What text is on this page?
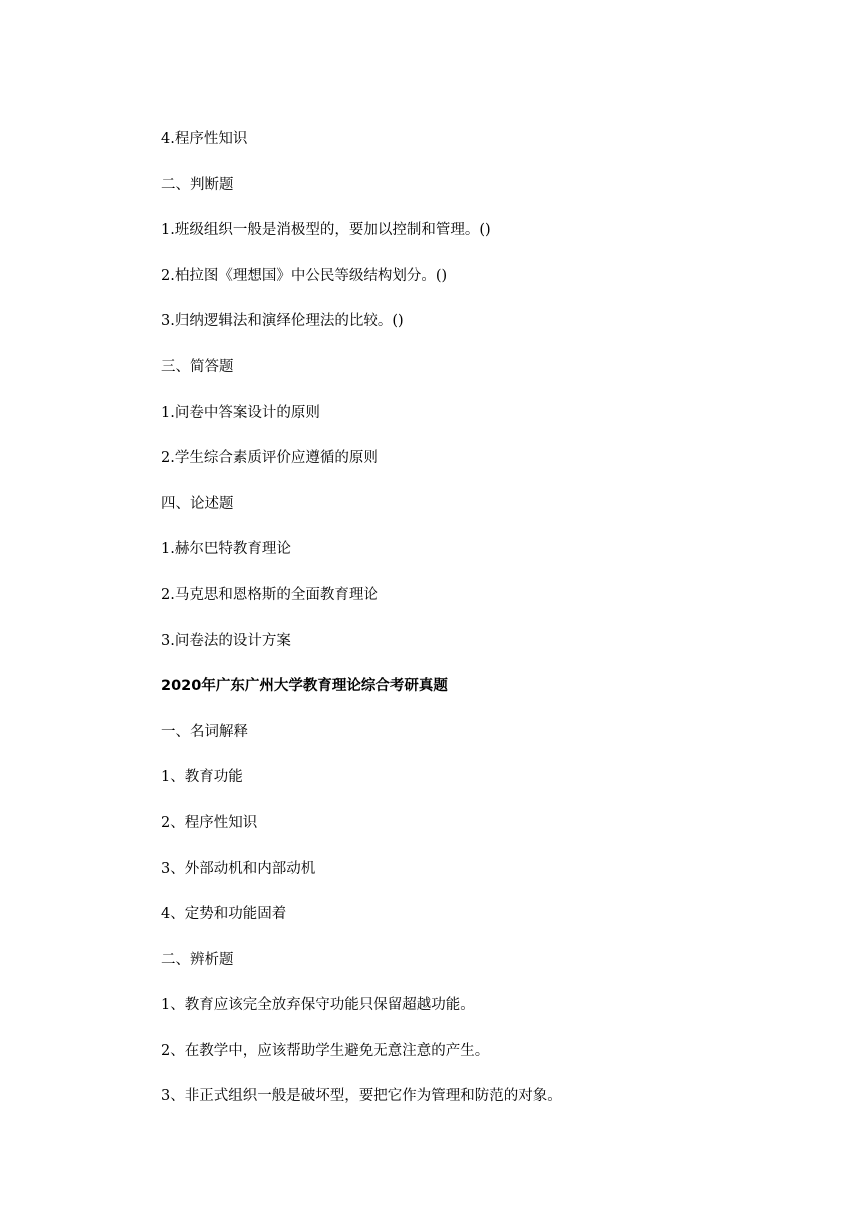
4.程序性知识
二、判断题
1.班级组织一般是消极型的，要加以控制和管理。()
2.柏拉图《理想国》中公民等级结构划分。()
3.归纳逻辑法和演绎伦理法的比较。()
三、简答题
1.问卷中答案设计的原则
2.学生综合素质评价应遵循的原则
四、论述题
1.赫尔巴特教育理论
2.马克思和恩格斯的全面教育理论
3.问卷法的设计方案
2020年广东广州大学教育理论综合考研真题
一、名词解释
1、教育功能
2、程序性知识
3、外部动机和内部动机
4、定势和功能固着
二、辨析题
1、教育应该完全放弃保守功能只保留超越功能。
2、在教学中，应该帮助学生避免无意注意的产生。
3、非正式组织一般是破坏型，要把它作为管理和防范的对象。
